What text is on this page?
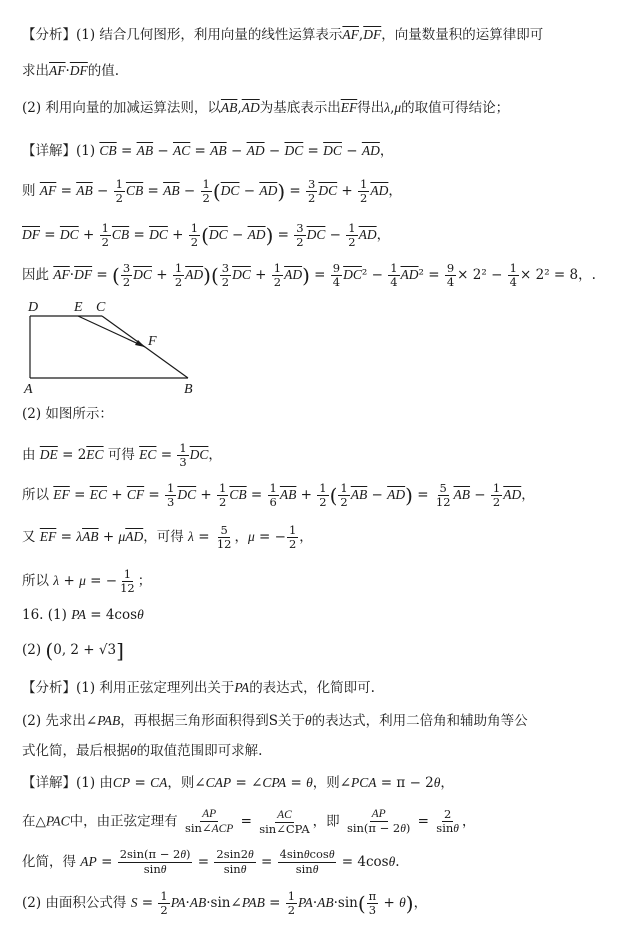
【分析】(1) 结合几何图形，利用向量的线性运算表示$\overline{AF},\overline{DF}$，向量数量积的运算律即可
求出$\overline{AF}\cdot\overline{DF}$的值.
(2) 利用向量的加减运算法则，以$\overline{AB},\overline{AD}$为基底表示出$\overline{EF}$得出λ,μ的取值可得结论；
【详解】(1) $\overline{CB} = \overline{AB} - \overline{AC} = \overline{AB} - \overline{AD} - \overline{DC} = \overline{DC} - \overline{AD}$，
则 $\overline{AF} = \overline{AB} - \frac{1}{2} \overline{CB} = \overline{AB} - \frac{1}{2} (\overline{DC} - \overline{AD}) = \frac{3}{2} \overline{DC} + \frac{1}{2} \overline{AD}$，
$\overline{DF} = \overline{DC} + \frac{1}{2} \overline{CB} = \overline{DC} + \frac{1}{2} (\overline{DC} - \overline{AD}) = \frac{3}{2} \overline{DC} - \frac{1}{2} \overline{AD}$，
因此 $\overline{AF}\cdot\overline{DF}$ = ( $\frac{3}{2} \overline{DC} + \frac{1}{2} \overline{AD})( \frac{3}{2} \overline{DC} + \frac{1}{2} \overline{AD}) = \frac{9}{4} \overline{DC}^2 - \frac{1}{4} \overline{AD}^2 = \frac{9}{4} \times 2^2 - \frac{1}{4} \times 2^2 = 8$，.
D	E C
F
A	B
(2) 如图所示：
由 $\overline{DE} = 2\overline{EC}$ 可得 $\overline{EC} = \frac{1}{3} \overline{DC}$，
所以 $\overline{EF} = \overline{EC} + \overline{CF} = \frac{1}{3} \overline{DC} + \frac{1}{2} \overline{CB} = \frac{1}{6} \overline{AB} + \frac{1}{2}$ ( $\frac{1}{2} \overline{AB} - \overline{AD}) = \frac{5}{12} \overline{AB} - \frac{1}{2} \overline{AD}$，
又 $\overline{EF} = \lambda\overline{AB} + \mu\overline{AD}$，可得 $\lambda = \frac{5}{12}$ ，μ = − $\frac{1}{2}$ ，
所以 λ + μ = − $\frac{1}{12}$ ；
16. (1) PA = 4cosθ
(2) (0, 2 + √3]
【分析】(1) 利用正弦定理列出关于PA的表达式，化简即可.
(2) 先求出∠PAB，再根据三角形面积得到S关于θ的表达式，利用二倍角和辅助角等公
式化简，最后根据θ的取值范围即可求解.
【详解】(1) 由CP = CA，则∠CAP = ∠CPA = θ，则∠PCA = π − 2θ，
在△PAC中，由正弦定理有 $\frac{AP}{\text{sin∠ACP}} = \frac{AC}{\text{sin∠CPA}}$ ，即 $\frac{AP}{\sin(\pi - 2\theta)} = \frac{2}{\sin\theta}$ ，
化简，得 AP = $\frac{2\sin(\pi - 2\theta)}{\sin\theta} = \frac{2\sin 2\theta}{\sin\theta} = \frac{4\sin\theta\cos\theta}{\sin\theta} = 4\cos\theta$.
(2) 由面积公式得 $S = \frac{1}{2}$ PA·AB·sin∠PAB = $\frac{1}{2} PA\cdot AB\cdot\sin( \frac{\pi}{3} + \theta)$，
